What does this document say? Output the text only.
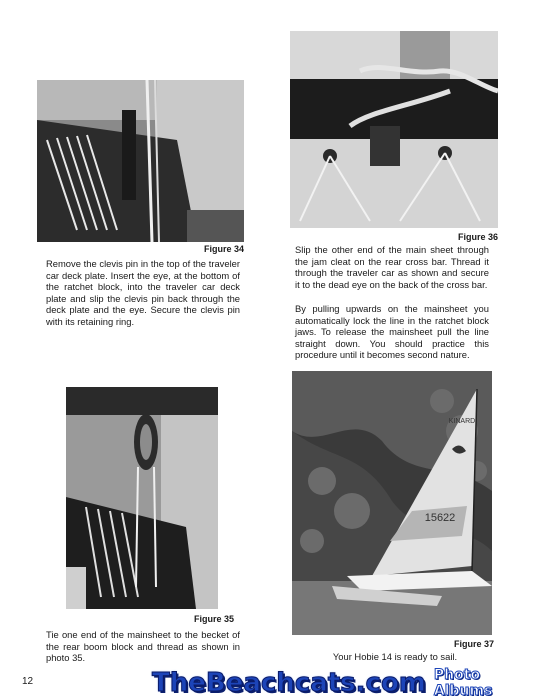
Figure 34

Remove the clevis pin in the top of the traveler car deck plate. Insert the eye, at the bottom of the ratchet block, into the traveler car deck plate and slip the clevis pin back through the deck plate and the eye. Secure the clevis pin with its retaining ring.

Figure 35

Tie one end of the mainsheet to the becket of the rear boom block and thread as shown in photo 35.

Figure 36

Slip the other end of the main sheet through the jam cleat on the rear cross bar. Thread it through the traveler car as shown and secure it to the dead eye on the back of the cross bar.

By pulling upwards on the mainsheet you automatically lock the line in the ratchet block jaws. To release the mainsheet pull the line straight down. You should practice this procedure until it becomes second nature.

KINARD
15622
Figure 37
Your Hobie 14 is ready to sail.
12	TheBeachcats.com Photo Albums
